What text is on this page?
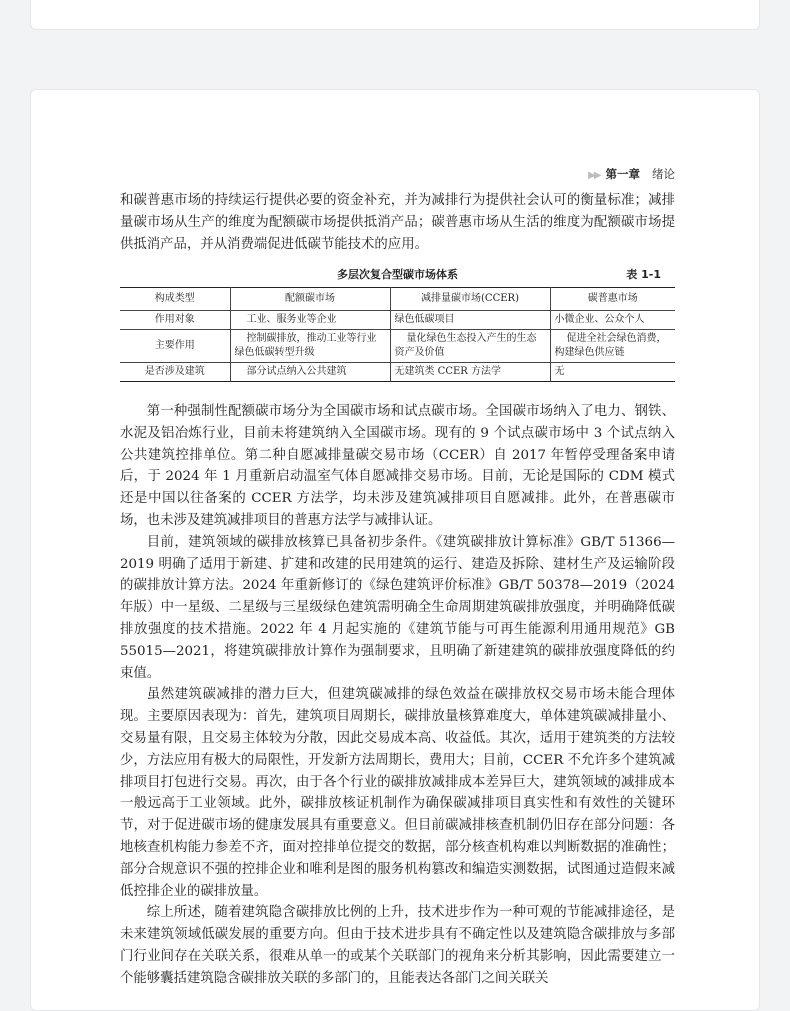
▶▶ 第一章 绪论

和碳普惠市场的持续运行提供必要的资金补充，并为减排行为提供社会认可的衡量标准；减排量碳市场从生产的维度为配额碳市场提供抵消产品；碳普惠市场从生活的维度为配额碳市场提供抵消产品，并从消费端促进低碳节能技术的应用。

多层次复合型碳市场体系	表 1-1
构成类型	配额碳市场	减排量碳市场(CCER)	碳普惠市场
作用对象	工业、服务业等企业	绿色低碳项目	小微企业、公众个人
主要作用	控制碳排放，推动工业等行业绿色低碳转型升级	量化绿色生态投入产生的生态资产及价值	促进全社会绿色消费，构建绿色供应链
是否涉及建筑	部分试点纳入公共建筑	无建筑类 CCER 方法学	无

第一种强制性配额碳市场分为全国碳市场和试点碳市场。全国碳市场纳入了电力、钢铁、水泥及铝冶炼行业，目前未将建筑纳入全国碳市场。现有的 9 个试点碳市场中 3 个试点纳入公共建筑控排单位。第二种自愿减排量碳交易市场（CCER）自 2017 年暂停受理备案申请后，于 2024 年 1 月重新启动温室气体自愿减排交易市场。目前，无论是国际的 CDM 模式还是中国以往备案的 CCER 方法学，均未涉及建筑减排项目自愿减排。此外，在普惠碳市场，也未涉及建筑减排项目的普惠方法学与减排认证。

目前，建筑领域的碳排放核算已具备初步条件。《建筑碳排放计算标准》GB/T 51366—2019 明确了适用于新建、扩建和改建的民用建筑的运行、建造及拆除、建材生产及运输阶段的碳排放计算方法。2024 年重新修订的《绿色建筑评价标准》GB/T 50378—2019（2024 年版）中一星级、二星级与三星级绿色建筑需明确全生命周期建筑碳排放强度，并明确降低碳排放强度的技术措施。2022 年 4 月起实施的《建筑节能与可再生能源利用通用规范》GB 55015—2021，将建筑碳排放计算作为强制要求，且明确了新建建筑的碳排放强度降低的约束值。

虽然建筑碳减排的潜力巨大，但建筑碳减排的绿色效益在碳排放权交易市场未能合理体现。主要原因表现为：首先，建筑项目周期长，碳排放量核算难度大，单体建筑碳减排量小、交易量有限，且交易主体较为分散，因此交易成本高、收益低。其次，适用于建筑类的方法较少，方法应用有极大的局限性，开发新方法周期长，费用大；目前，CCER 不允许多个建筑减排项目打包进行交易。再次，由于各个行业的碳排放减排成本差异巨大，建筑领域的减排成本一般远高于工业领域。此外，碳排放核证机制作为确保碳减排项目真实性和有效性的关键环节，对于促进碳市场的健康发展具有重要意义。但目前碳减排核查机制仍旧存在部分问题：各地核查机构能力参差不齐，面对控排单位提交的数据，部分核查机构难以判断数据的准确性；部分合规意识不强的控排企业和唯利是图的服务机构篡改和编造实测数据，试图通过造假来减低控排企业的碳排放量。

综上所述，随着建筑隐含碳排放比例的上升，技术进步作为一种可观的节能减排途径，是未来建筑领域低碳发展的重要方向。但由于技术进步具有不确定性以及建筑隐含碳排放与多部门行业间存在关联关系，很难从单一的或某个关联部门的视角来分析其影响，因此需要建立一个能够囊括建筑隐含碳排放关联的多部门的，且能表达各部门之间关联关
